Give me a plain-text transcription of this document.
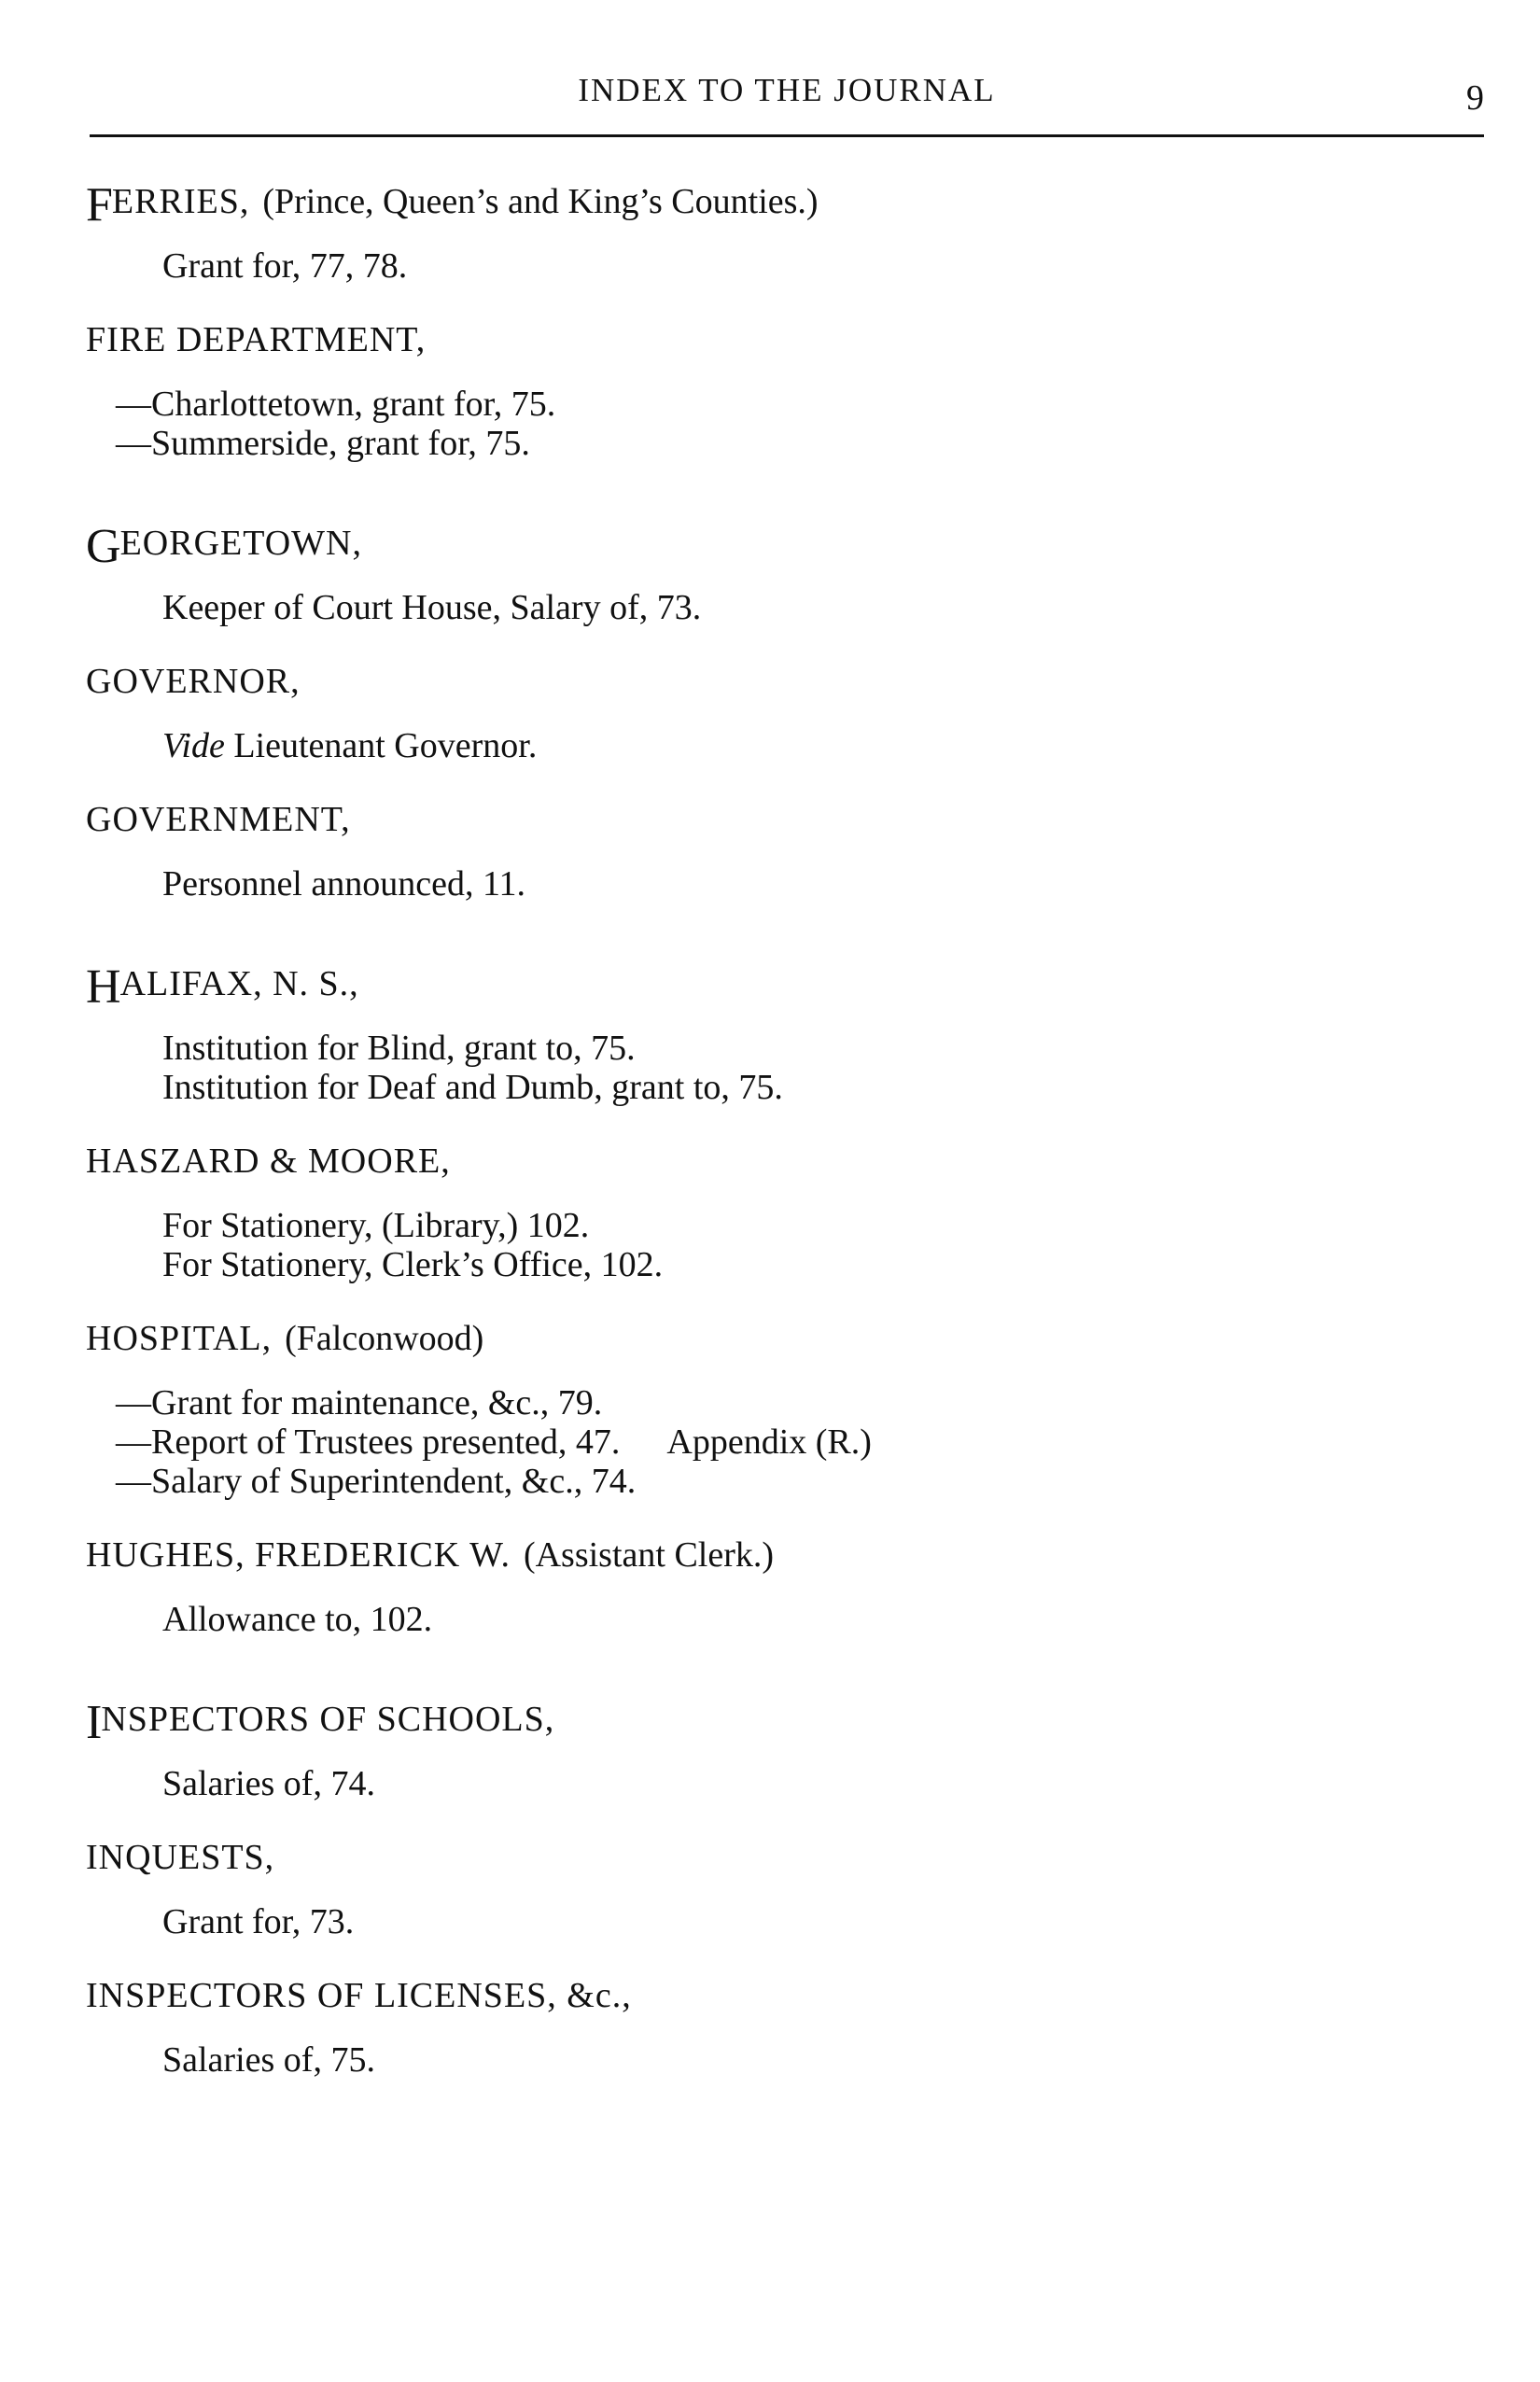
INDEX TO THE JOURNAL	9

FERRIES, (Prince, Queen’s and King’s Counties.)

Grant for, 77, 78.

FIRE DEPARTMENT,

—Charlottetown, grant for, 75.

—Summerside, grant for, 75.

GEORGETOWN,

Keeper of Court House, Salary of, 73.

GOVERNOR,

Vide Lieutenant Governor.

GOVERNMENT,

Personnel announced, 11.

HALIFAX, N. S.,

Institution for Blind, grant to, 75.

Institution for Deaf and Dumb, grant to, 75.

HASZARD & MOORE,

For Stationery, (Library,) 102.

For Stationery, Clerk’s Office, 102.

HOSPITAL, (Falconwood)

—Grant for maintenance, &c., 79.

—Report of Trustees presented, 47. Appendix (R.)

—Salary of Superintendent, &c., 74.

HUGHES, FREDERICK W. (Assistant Clerk.)

Allowance to, 102.

INSPECTORS OF SCHOOLS,

Salaries of, 74.

INQUESTS,

Grant for, 73.

INSPECTORS OF LICENSES, &c.,

Salaries of, 75.
